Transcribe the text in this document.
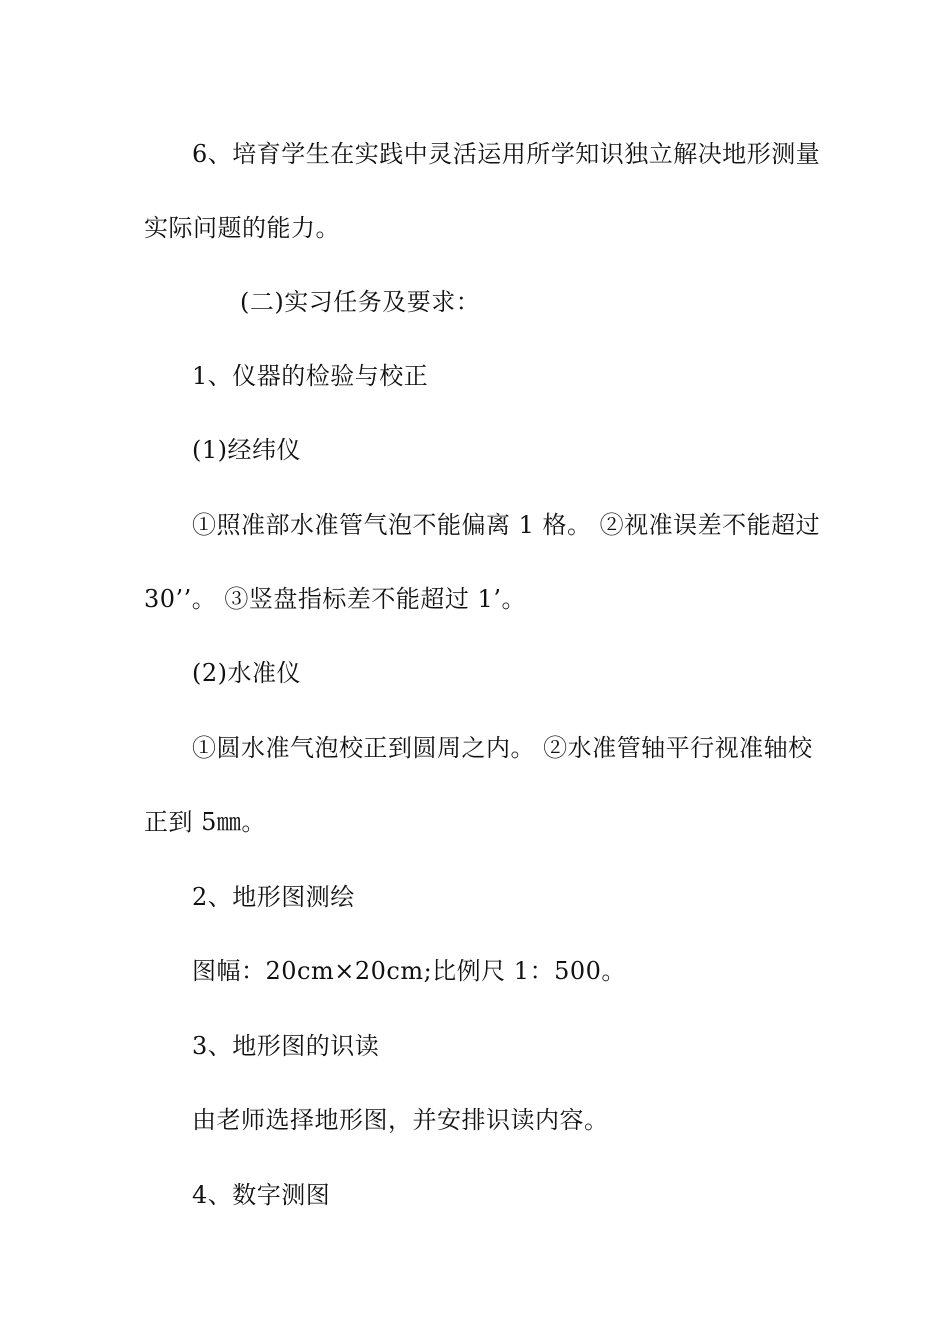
6、培育学生在实践中灵活运用所学知识独立解决地形测量
实际问题的能力。
(二)实习任务及要求：
1、仪器的检验与校正
(1)经纬仪
①照准部水准管气泡不能偏离 1 格。 ②视准误差不能超过
30’’。 ③竖盘指标差不能超过 1’。
(2)水准仪
①圆水准气泡校正到圆周之内。 ②水准管轴平行视准轴校
正到 5㎜。
2、地形图测绘
图幅：20cm×20cm;比例尺 1：500。
3、地形图的识读
由老师选择地形图，并安排识读内容。
4、数字测图
